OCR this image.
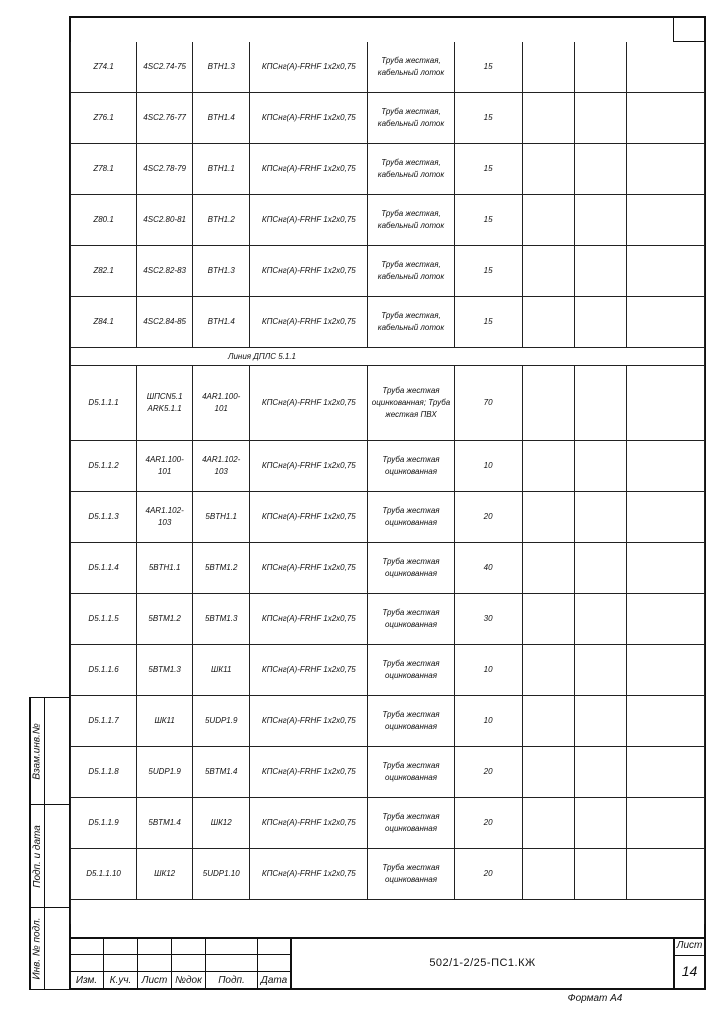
Z74.1	4SC2.74-75	BTH1.3	КПСнг(А)-FRHF 1х2х0,75	Труба жесткая, кабельный лоток	15			
Z76.1	4SC2.76-77	BTH1.4	КПСнг(А)-FRHF 1х2х0,75	Труба жесткая, кабельный лоток	15			
Z78.1	4SC2.78-79	BTH1.1	КПСнг(А)-FRHF 1х2х0,75	Труба жесткая, кабельный лоток	15			
Z80.1	4SC2.80-81	BTH1.2	КПСнг(А)-FRHF 1х2х0,75	Труба жесткая, кабельный лоток	15			
Z82.1	4SC2.82-83	BTH1.3	КПСнг(А)-FRHF 1х2х0,75	Труба жесткая, кабельный лоток	15			
Z84.1	4SC2.84-85	BTH1.4	КПСнг(А)-FRHF 1х2х0,75	Труба жесткая, кабельный лоток	15			
Линия ДПЛС 5.1.1								
D5.1.1.1	ШПСN5.1 ARK5.1.1	4AR1.100-101	КПСнг(А)-FRHF 1х2х0,75	Труба жесткая оцинкованная; Труба жесткая ПВХ	70			
D5.1.1.2	4AR1.100-101	4AR1.102-103	КПСнг(А)-FRHF 1х2х0,75	Труба жесткая оцинкованная	10			
D5.1.1.3	4AR1.102-103	5BTH1.1	КПСнг(А)-FRHF 1х2х0,75	Труба жесткая оцинкованная	20			
D5.1.1.4	5BTH1.1	5BTM1.2	КПСнг(А)-FRHF 1х2х0,75	Труба жесткая оцинкованная	40			
D5.1.1.5	5BTM1.2	5BTM1.3	КПСнг(А)-FRHF 1х2х0,75	Труба жесткая оцинкованная	30			
D5.1.1.6	5BTM1.3	ШК11	КПСнг(А)-FRHF 1х2х0,75	Труба жесткая оцинкованная	10			
D5.1.1.7	ШК11	5UDP1.9	КПСнг(А)-FRHF 1х2х0,75	Труба жесткая оцинкованная	10			
D5.1.1.8	5UDP1.9	5BTM1.4	КПСнг(А)-FRHF 1х2х0,75	Труба жесткая оцинкованная	20			
D5.1.1.9	5BTM1.4	ШК12	КПСнг(А)-FRHF 1х2х0,75	Труба жесткая оцинкованная	20			
D5.1.1.10	ШК12	5UDP1.10	КПСнг(А)-FRHF 1х2х0,75	Труба жесткая оцинкованная	20			

Взам.инв.№
Подп. и дата
Инв. № подл.
Изм.	К.уч.	Лист №док	Подп.	Дата
502/1-2/25-ПС1.КЖ
Лист
14
Формат А4
